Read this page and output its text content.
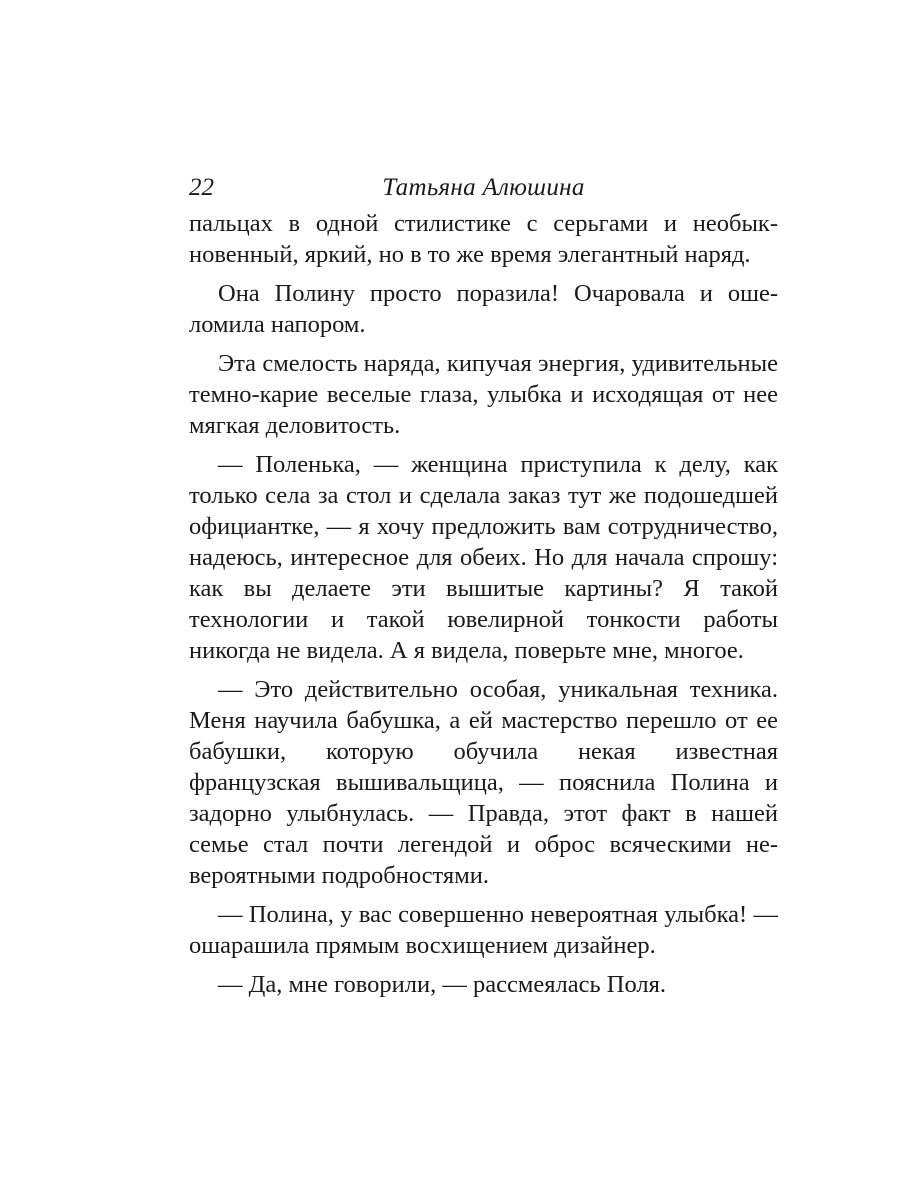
22	Татьяна Алюшина

пальцах в одной стилистике с серьгами и необыкновенный, яркий, но в то же время элегантный наряд.

Она Полину просто поразила! Очаровала и ошеломила напором.

Эта смелость наряда, кипучая энергия, удивительные темно-карие веселые глаза, улыбка и исходящая от нее мягкая деловитость.

— Поленька, — женщина приступила к делу, как только села за стол и сделала заказ тут же подошедшей официантке, — я хочу предложить вам сотрудничество, надеюсь, интересное для обеих. Но для начала спрошу: как вы делаете эти вышитые картины? Я такой технологии и такой ювелирной тонкости работы никогда не видела. А я видела, поверьте мне, многое.

— Это действительно особая, уникальная техника. Меня научила бабушка, а ей мастерство перешло от ее бабушки, которую обучила некая известная французская вышивальщица, — пояснила Полина и задорно улыбнулась. — Правда, этот факт в нашей семье стал почти легендой и оброс всяческими невероятными подробностями.

— Полина, у вас совершенно невероятная улыбка! — ошарашила прямым восхищением дизайнер.

— Да, мне говорили, — рассмеялась Поля.
